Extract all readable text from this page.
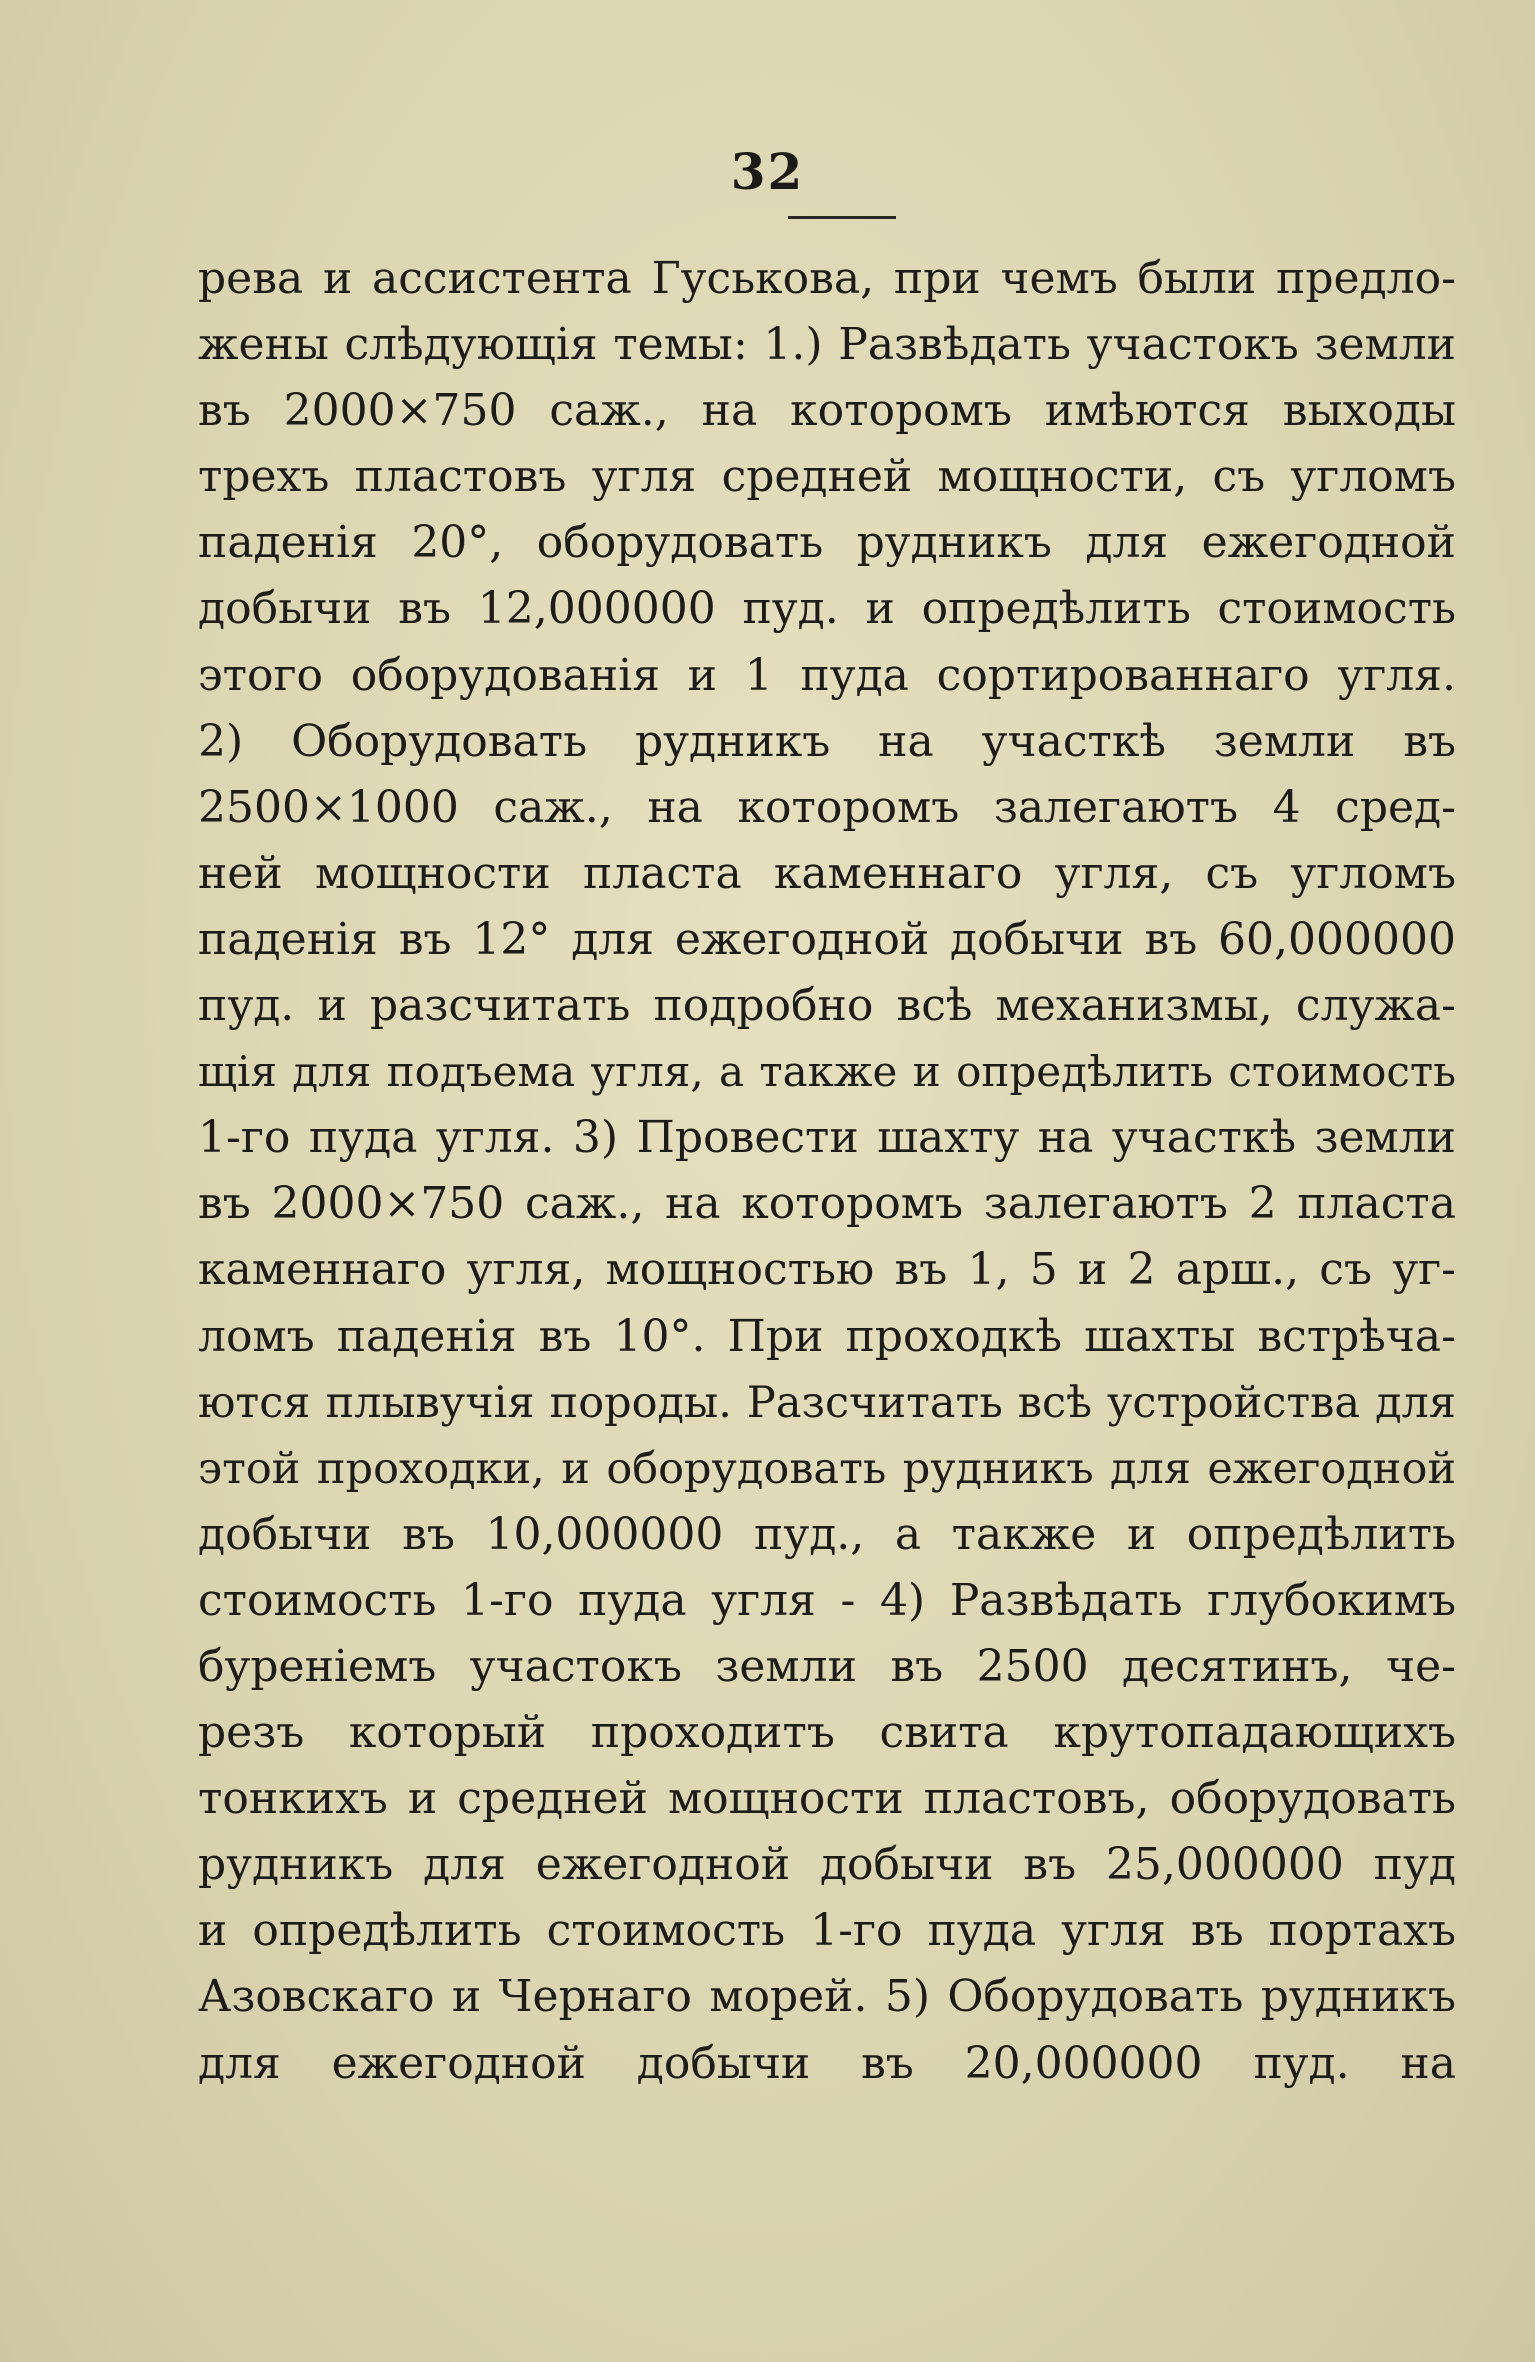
32
рева и ассистента Гуськова, при чемъ были предло-
жены слѣдующія темы: 1.) Развѣдать участокъ земли
въ 2000×750 саж., на которомъ имѣются выходы
трехъ пластовъ угля средней мощности, съ угломъ
паденія 20°, оборудовать рудникъ для ежегодной
добычи въ 12,000000 пуд. и опредѣлить стоимость
этого оборудованія и 1 пуда сортированнаго угля.
2) Оборудовать рудникъ на участкѣ земли въ
2500×1000 саж., на которомъ залегаютъ 4 сред-
ней мощности пласта каменнаго угля, съ угломъ
паденія въ 12° для ежегодной добычи въ 60,000000
пуд. и разсчитать подробно всѣ механизмы, служа-
щія для подъема угля, а также и опредѣлить стоимость
1-го пуда угля. 3) Провести шахту на участкѣ земли
въ 2000×750 саж., на которомъ залегаютъ 2 пласта
каменнаго угля, мощностью въ 1, 5 и 2 арш., съ уг-
ломъ паденія въ 10°. При проходкѣ шахты встрѣча-
ются плывучія породы. Разсчитать всѣ устройства для
этой проходки, и оборудовать рудникъ для ежегодной
добычи въ 10,000000 пуд., а также и опредѣлить
стоимость 1-го пуда угля - 4) Развѣдать глубокимъ
буреніемъ участокъ земли въ 2500 десятинъ, че-
резъ который проходитъ свита крутопадающихъ
тонкихъ и средней мощности пластовъ, оборудовать
рудникъ для ежегодной добычи въ 25,000000 пуд
и опредѣлить стоимость 1-го пуда угля въ портахъ
Азовскаго и Чернаго морей. 5) Оборудовать рудникъ
для ежегодной добычи въ 20,000000 пуд. на
